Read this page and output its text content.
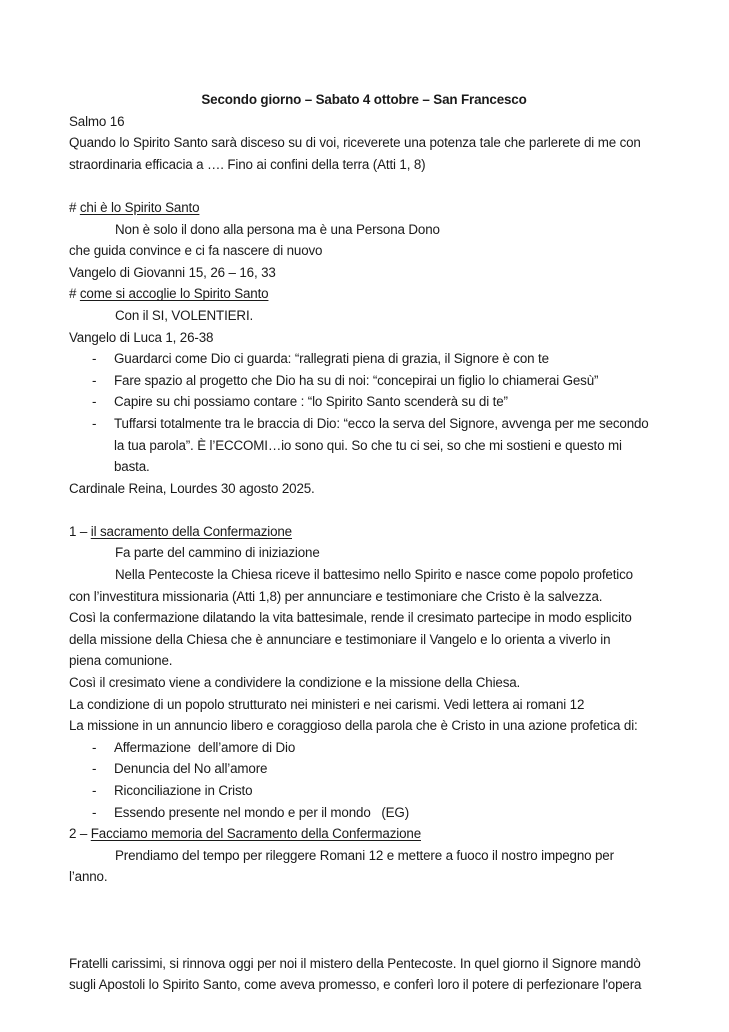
Secondo giorno – Sabato 4 ottobre – San Francesco
Salmo 16
Quando lo Spirito Santo sarà disceso su di voi, riceverete una potenza tale che parlerete di me con
straordinaria efficacia a …. Fino ai confini della terra (Atti 1, 8)
# chi è lo Spirito Santo
Non è solo il dono alla persona ma è una Persona Dono
che guida convince e ci fa nascere di nuovo
Vangelo di Giovanni 15, 26 – 16, 33
# come si accoglie lo Spirito Santo
Con il SI, VOLENTIERI.
Vangelo di Luca 1, 26-38
- Guardarci come Dio ci guarda: “rallegrati piena di grazia, il Signore è con te
- Fare spazio al progetto che Dio ha su di noi: “concepirai un figlio lo chiamerai Gesù”
- Capire su chi possiamo contare : “lo Spirito Santo scenderà su di te”
- Tuffarsi totalmente tra le braccia di Dio: “ecco la serva del Signore, avvenga per me secondo
la tua parola”. È l’ECCOMI…io sono qui. So che tu ci sei, so che mi sostieni e questo mi
basta.
Cardinale Reina, Lourdes 30 agosto 2025.
1 – il sacramento della Confermazione
Fa parte del cammino di iniziazione
Nella Pentecoste la Chiesa riceve il battesimo nello Spirito e nasce come popolo profetico
con l’investitura missionaria (Atti 1,8) per annunciare e testimoniare che Cristo è la salvezza.
Così la confermazione dilatando la vita battesimale, rende il cresimato partecipe in modo esplicito
della missione della Chiesa che è annunciare e testimoniare il Vangelo e lo orienta a viverlo in
piena comunione.
Così il cresimato viene a condividere la condizione e la missione della Chiesa.
La condizione di un popolo strutturato nei ministeri e nei carismi. Vedi lettera ai romani 12
La missione in un annuncio libero e coraggioso della parola che è Cristo in una azione profetica di:
- Affermazione  dell’amore di Dio
- Denuncia del No all’amore
- Riconciliazione in Cristo
- Essendo presente nel mondo e per il mondo   (EG)
2 – Facciamo memoria del Sacramento della Confermazione
Prendiamo del tempo per rileggere Romani 12 e mettere a fuoco il nostro impegno per
l’anno.
Fratelli carissimi, si rinnova oggi per noi il mistero della Pentecoste. In quel giorno il Signore mandò
sugli Apostoli lo Spirito Santo, come aveva promesso, e conferì loro il potere di perfezionare l'opera
